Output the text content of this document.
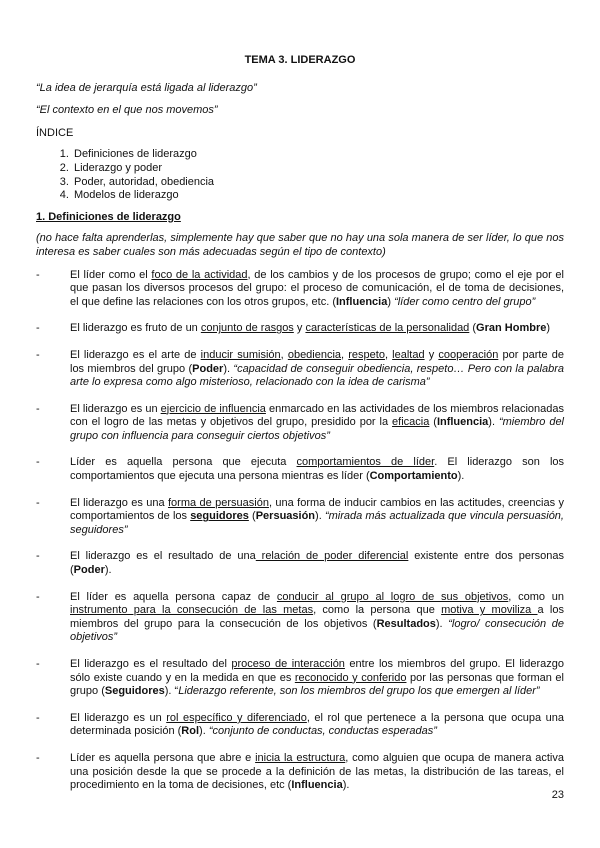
TEMA 3. LIDERAZGO
“La idea de jerarquía está ligada al liderazgo”
“El contexto en el que nos movemos”
ÍNDICE
1. Definiciones de liderazgo
2. Liderazgo y poder
3. Poder, autoridad, obediencia
4. Modelos de liderazgo
1. Definiciones de liderazgo
(no hace falta aprenderlas, simplemente hay que saber que no hay una sola manera de ser líder, lo que nos interesa es saber cuales son más adecuadas según el tipo de contexto)
-	El líder como el foco de la actividad, de los cambios y de los procesos de grupo; como el eje por el que pasan los diversos procesos del grupo: el proceso de comunicación, el de toma de decisiones, el que define las relaciones con los otros grupos, etc. (Influencia) “líder como centro del grupo”
-	El liderazgo es fruto de un conjunto de rasgos y características de la personalidad (Gran Hombre)
-	El liderazgo es el arte de inducir sumisión, obediencia, respeto, lealtad y cooperación por parte de los miembros del grupo (Poder). “capacidad de conseguir obediencia, respeto… Pero con la palabra arte lo expresa como algo misterioso, relacionado con la idea de carisma”
-	El liderazgo es un ejercicio de influencia enmarcado en las actividades de los miembros relacionadas con el logro de las metas y objetivos del grupo, presidido por la eficacia (Influencia). “miembro del grupo con influencia para conseguir ciertos objetivos”
-	Líder es aquella persona que ejecuta comportamientos de líder. El liderazgo son los comportamientos que ejecuta una persona mientras es líder (Comportamiento).
-	El liderazgo es una forma de persuasión, una forma de inducir cambios en las actitudes, creencias y comportamientos de los seguidores (Persuasión). “mirada más actualizada que vincula persuasión, seguidores”
-	El liderazgo es el resultado de una relación de poder diferencial existente entre dos personas (Poder).
-	El líder es aquella persona capaz de conducir al grupo al logro de sus objetivos, como un instrumento para la consecución de las metas, como la persona que motiva y moviliza a los miembros del grupo para la consecución de los objetivos (Resultados). “logro/ consecución de objetivos”
-	El liderazgo es el resultado del proceso de interacción entre los miembros del grupo. El liderazgo sólo existe cuando y en la medida en que es reconocido y conferido por las personas que forman el grupo (Seguidores). “Liderazgo referente, son los miembros del grupo los que emergen al líder”
-	El liderazgo es un rol específico y diferenciado, el rol que pertenece a la persona que ocupa una determinada posición (Rol). “conjunto de conductas, conductas esperadas”
-	Líder es aquella persona que abre e inicia la estructura, como alguien que ocupa de manera activa una posición desde la que se procede a la definición de las metas, la distribución de las tareas, el procedimiento en la toma de decisiones, etc (Influencia).
23
